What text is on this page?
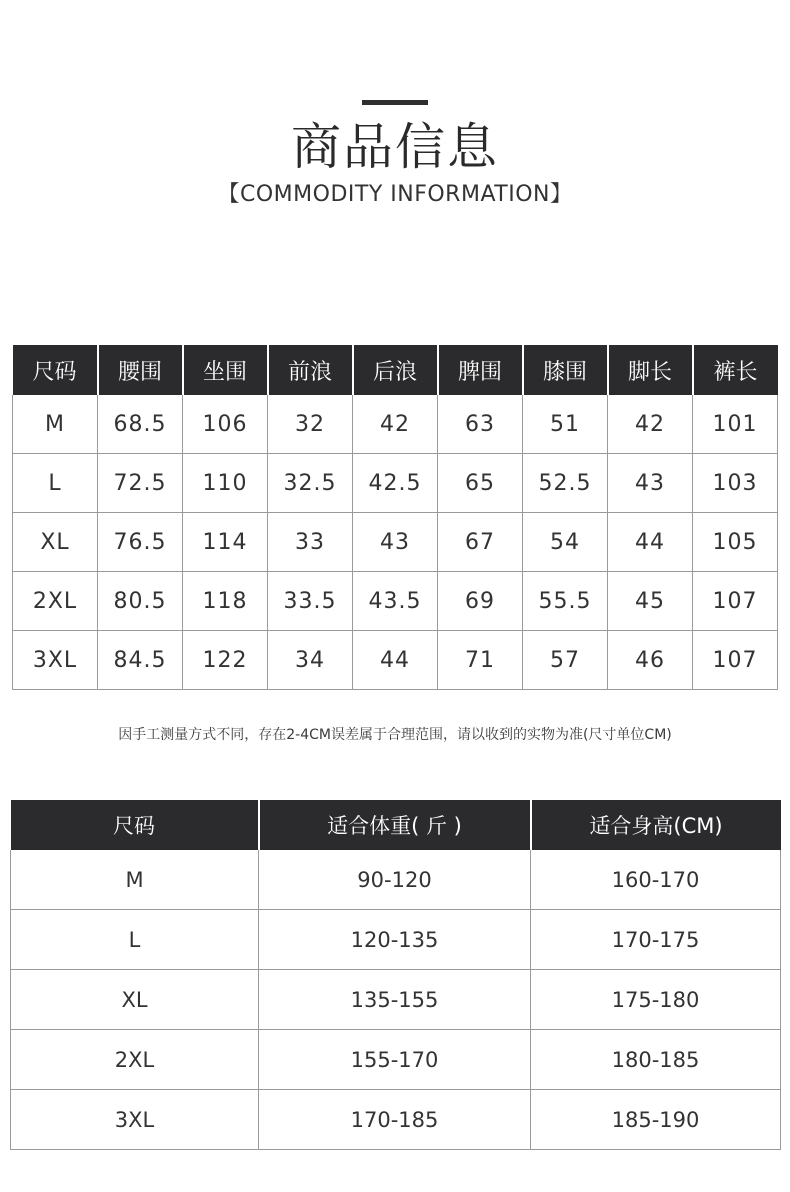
商品信息
【COMMODITY INFORMATION】
尺码	腰围	坐围	前浪	后浪	脾围	膝围	脚长	裤长
M	68.5	106	32	42	63	51	42	101
L	72.5	110	32.5	42.5	65	52.5	43	103
XL	76.5	114	33	43	67	54	44	105
2XL	80.5	118	33.5	43.5	69	55.5	45	107
3XL	84.5	122	34	44	71	57	46	107
因手工测量方式不同，存在2-4CM误差属于合理范围，请以收到的实物为准(尺寸单位CM)
尺码	适合体重( 斤 )	适合身高(CM)
M	90-120	160-170
L	120-135	170-175
XL	135-155	175-180
2XL	155-170	180-185
3XL	170-185	185-190
